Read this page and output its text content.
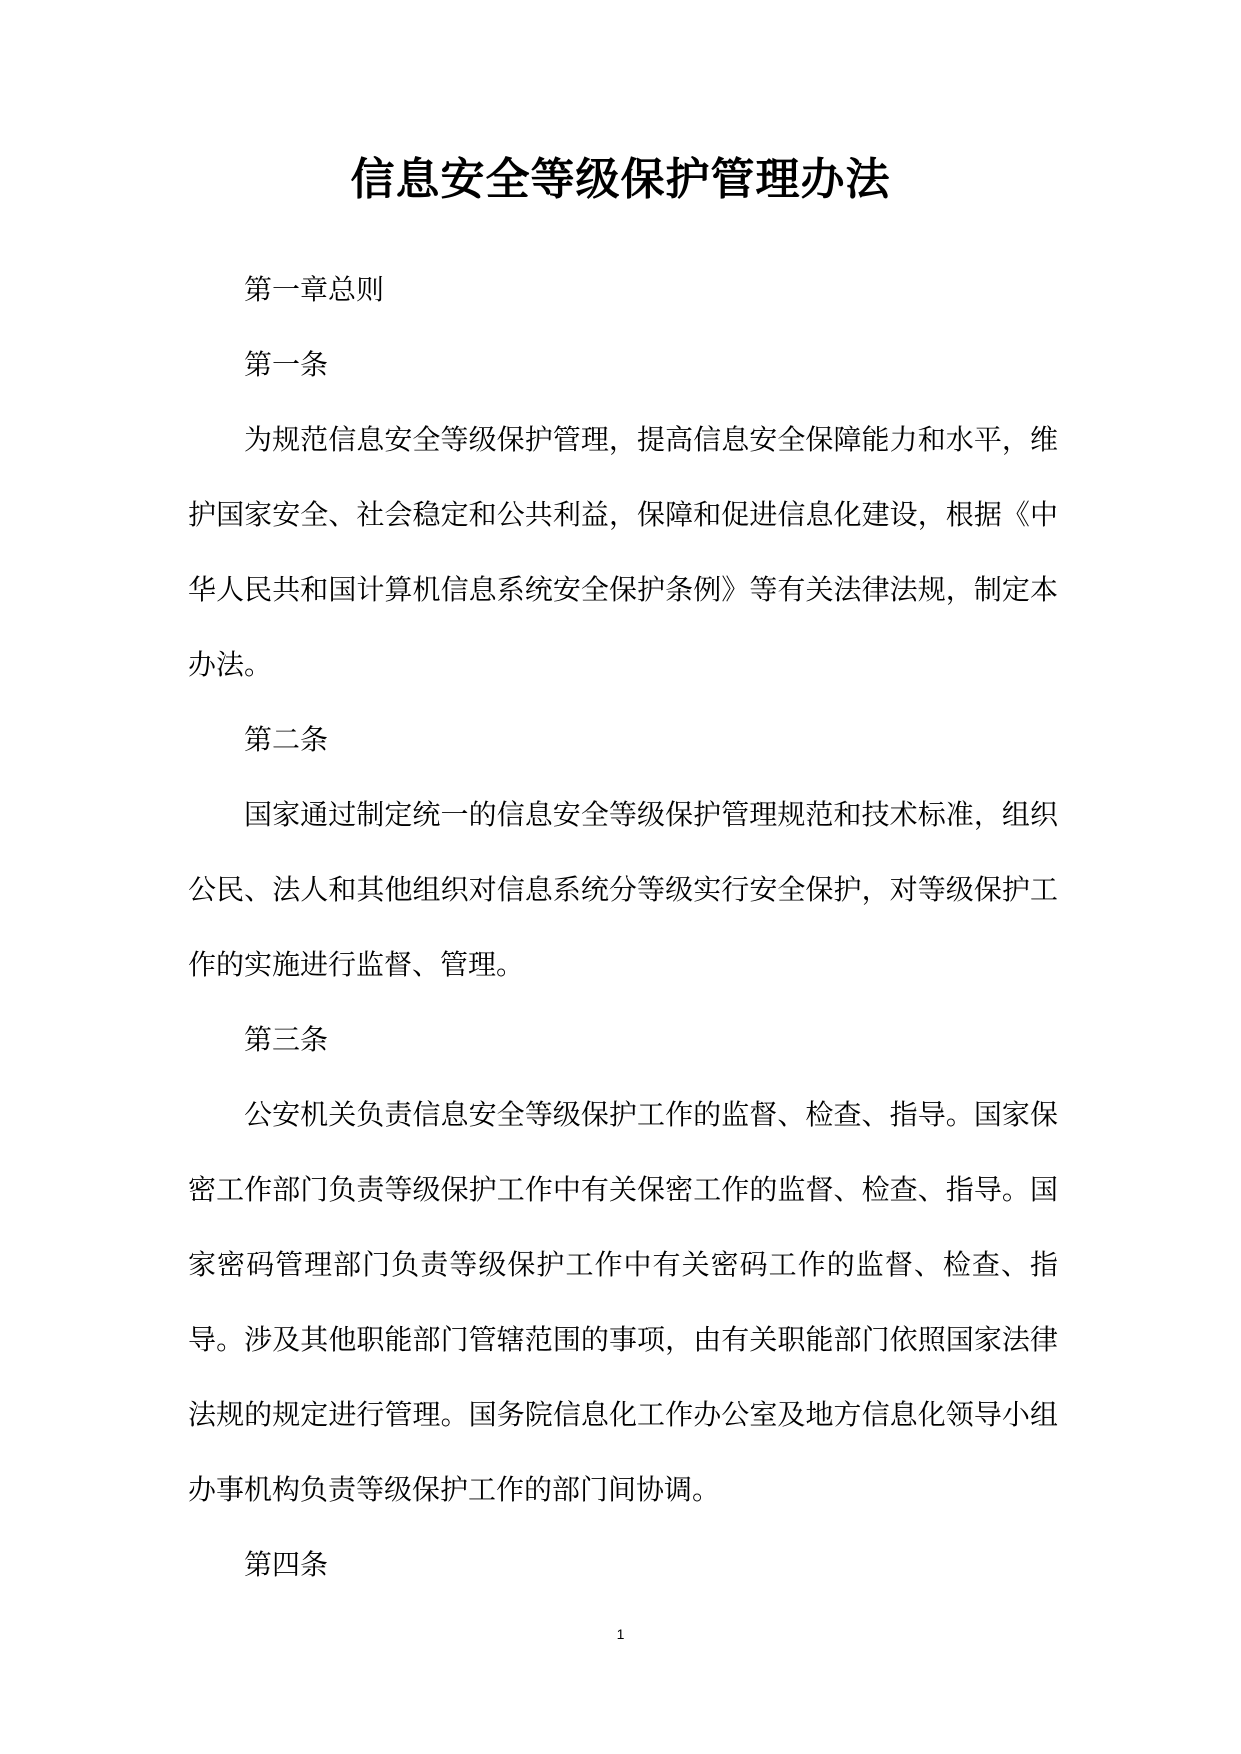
信息安全等级保护管理办法

第一章总则

第一条

为规范信息安全等级保护管理，提高信息安全保障能力和水平，维护国家安全、社会稳定和公共利益，保障和促进信息化建设，根据《中华人民共和国计算机信息系统安全保护条例》等有关法律法规，制定本办法。

第二条

国家通过制定统一的信息安全等级保护管理规范和技术标准，组织公民、法人和其他组织对信息系统分等级实行安全保护，对等级保护工作的实施进行监督、管理。

第三条

公安机关负责信息安全等级保护工作的监督、检查、指导。国家保密工作部门负责等级保护工作中有关保密工作的监督、检查、指导。国家密码管理部门负责等级保护工作中有关密码工作的监督、检查、指导。涉及其他职能部门管辖范围的事项，由有关职能部门依照国家法律法规的规定进行管理。国务院信息化工作办公室及地方信息化领导小组办事机构负责等级保护工作的部门间协调。

第四条

1
